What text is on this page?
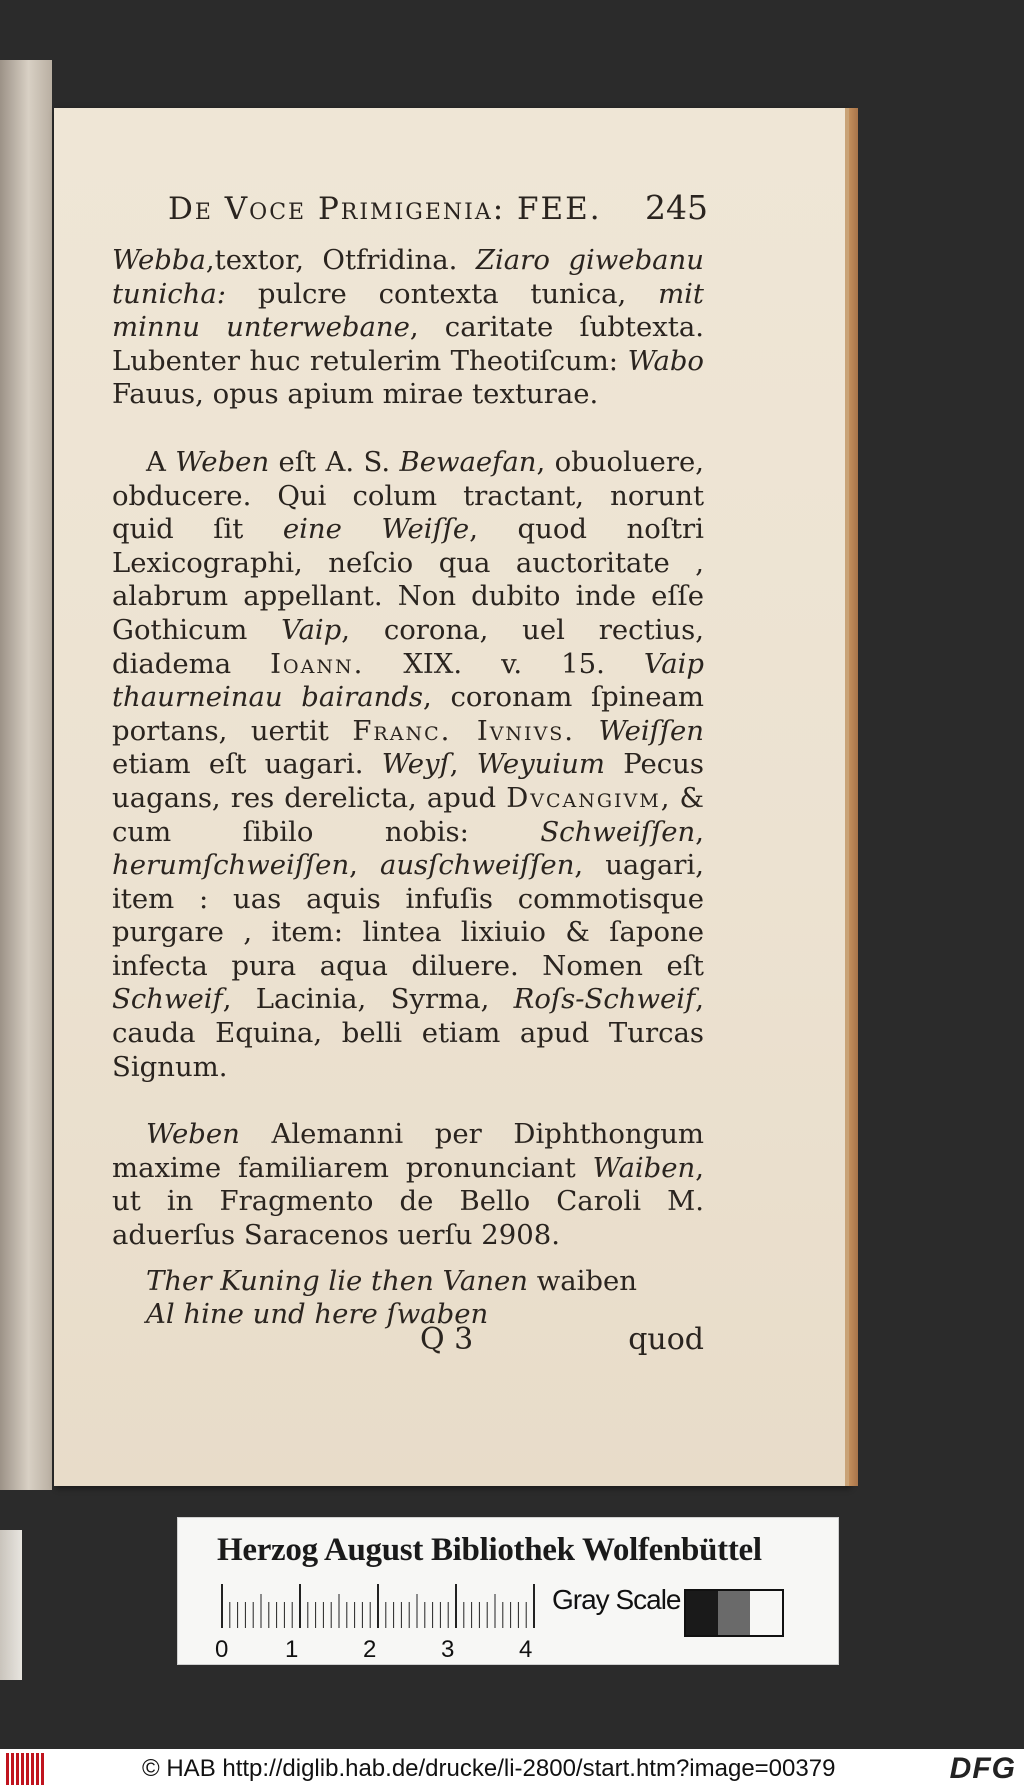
De Voce Primigenia: FEE. 245

Webba,textor, Otfridina. Ziaro giwebanu tunicha: pulcre contexta tunica, mit minnu unterwebane, caritate ſubtexta. Lubenter huc retulerim Theotiſcum: Wabo Fauus, opus apium mirae texturae.

A Weben eſt A. S. Bewaefan, obuoluere, obducere. Qui colum tractant, norunt quid ſit eine Weiſſe, quod noſtri Lexicographi, neſcio qua auctoritate , alabrum appellant. Non dubito inde eſſe Gothicum Vaip, corona, uel rectius, diadema Ioann. XIX. v. 15. Vaip thaurneinau bairands, coronam ſpineam portans, uertit Franc. Ivnivs. Weiſſen etiam eſt uagari. Weyſ, Weyuium Pecus uagans, res derelicta, apud Dvcangivm, & cum ſibilo nobis: Schweiſſen, herumſchweiſſen, ausſchweiſſen, uagari, item : uas aquis infuſis commotisque purgare , item: lintea lixiuio & ſapone infecta pura aqua diluere. Nomen eſt Schweif, Lacinia, Syrma, Roſs-Schweif, cauda Equina, belli etiam apud Turcas Signum.

Weben Alemanni per Diphthongum maxime familiarem pronunciant Waiben, ut in Fragmento de Bello Caroli M. aduerſus Saracenos uerſu 2908.

Ther Kuning lie then Vanen waiben

Al hine und here ſwaben

Q 3	quod
Herzog August Bibliothek Wolfenbüttel
0 1	2	3	4
Gray Scale
© HAB http://diglib.hab.de/drucke/li-2800/start.htm?image=00379	DFG
